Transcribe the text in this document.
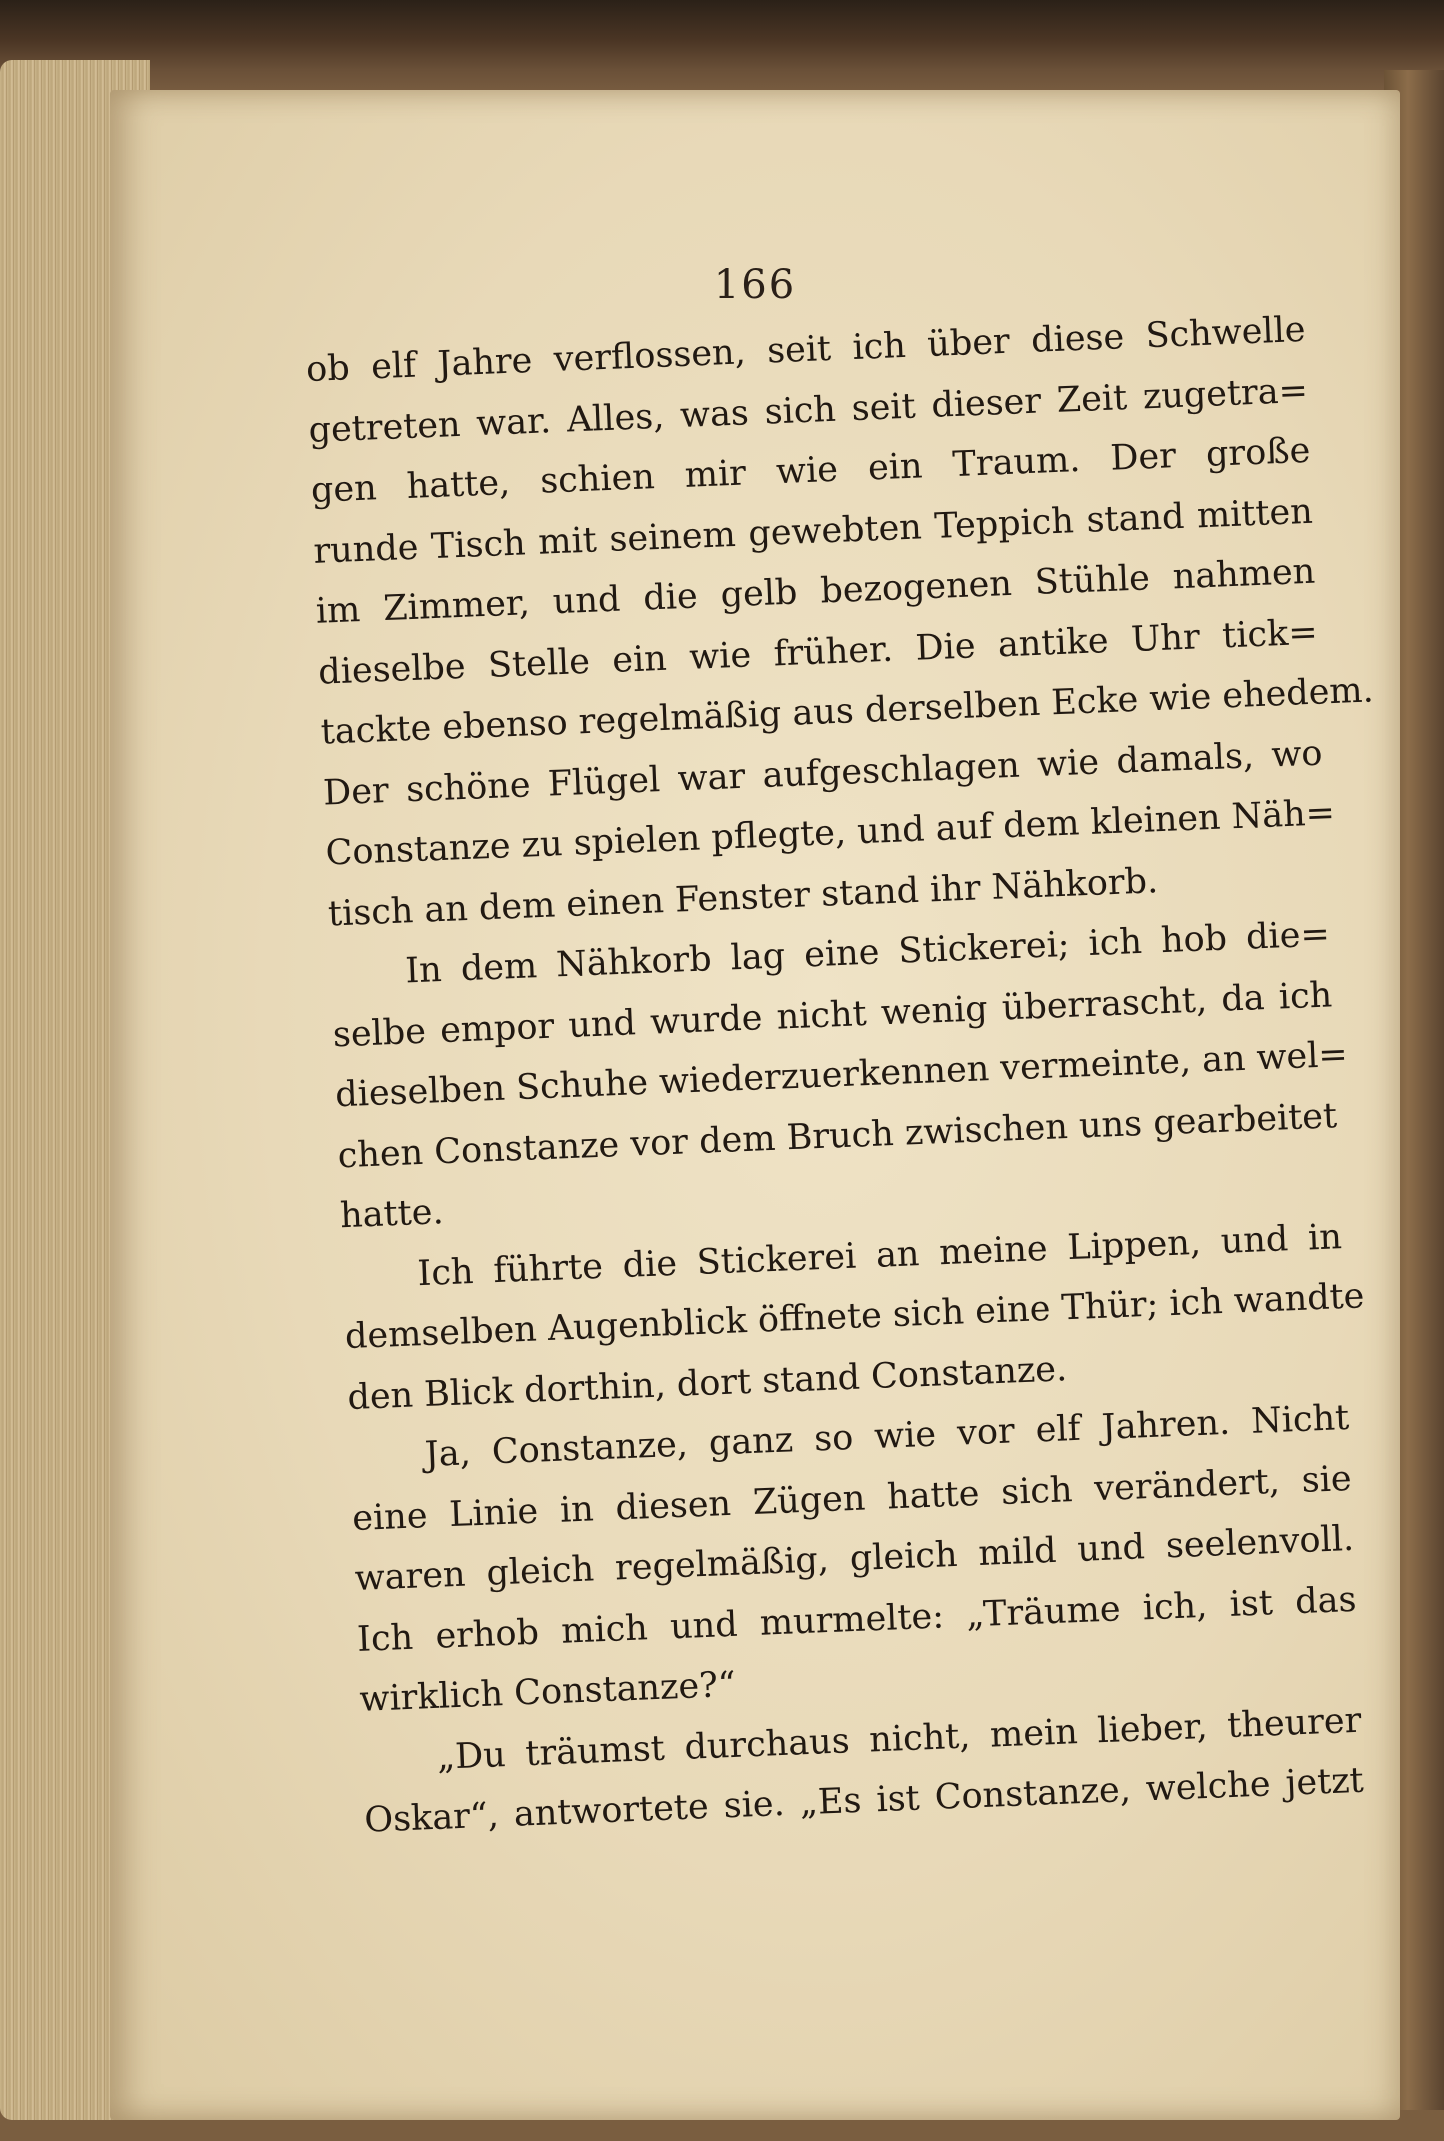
166
ob elf Jahre verflossen, seit ich über diese Schwelle
getreten war. Alles, was sich seit dieser Zeit zugetra=
gen hatte, schien mir wie ein Traum. Der große
runde Tisch mit seinem gewebten Teppich stand mitten
im Zimmer, und die gelb bezogenen Stühle nahmen
dieselbe Stelle ein wie früher. Die antike Uhr tick=
tackte ebenso regelmäßig aus derselben Ecke wie ehedem.
Der schöne Flügel war aufgeschlagen wie damals, wo
Constanze zu spielen pflegte, und auf dem kleinen Näh=
tisch an dem einen Fenster stand ihr Nähkorb.
In dem Nähkorb lag eine Stickerei; ich hob die=
selbe empor und wurde nicht wenig überrascht, da ich
dieselben Schuhe wiederzuerkennen vermeinte, an wel=
chen Constanze vor dem Bruch zwischen uns gearbeitet
hatte.
Ich führte die Stickerei an meine Lippen, und in
demselben Augenblick öffnete sich eine Thür; ich wandte
den Blick dorthin, dort stand Constanze.
Ja, Constanze, ganz so wie vor elf Jahren. Nicht
eine Linie in diesen Zügen hatte sich verändert, sie
waren gleich regelmäßig, gleich mild und seelenvoll.
Ich erhob mich und murmelte: „Träume ich, ist das
wirklich Constanze?“
„Du träumst durchaus nicht, mein lieber, theurer
Oskar“, antwortete sie. „Es ist Constanze, welche jetzt
